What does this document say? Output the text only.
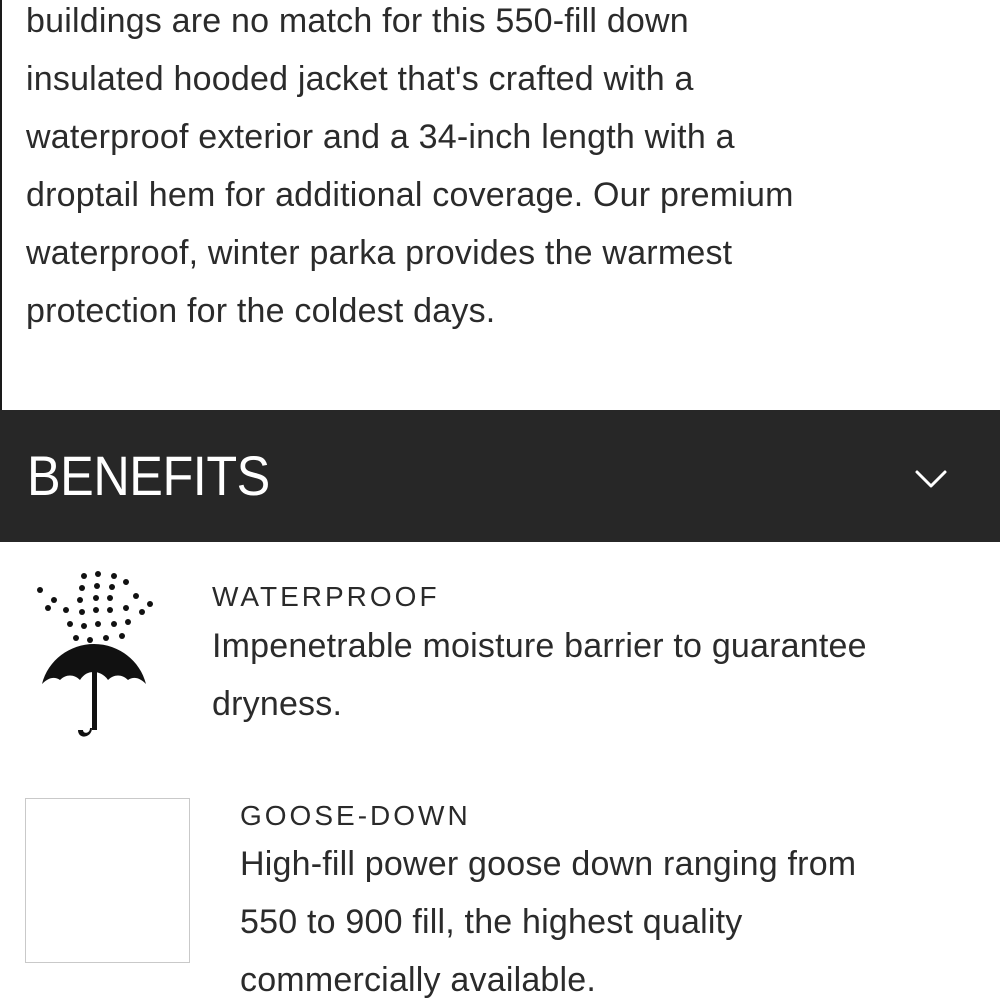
buildings are no match for this 550-fill down
insulated hooded jacket that's crafted with a
waterproof exterior and a 34-inch length with a
droptail hem for additional coverage. Our premium
waterproof, winter parka provides the warmest
protection for the coldest days.

BENEFITS
WATERPROOF

Impenetrable moisture barrier to guarantee
dryness.

GOOSE-DOWN

High-fill power goose down ranging from
550 to 900 fill, the highest quality
commercially available.
